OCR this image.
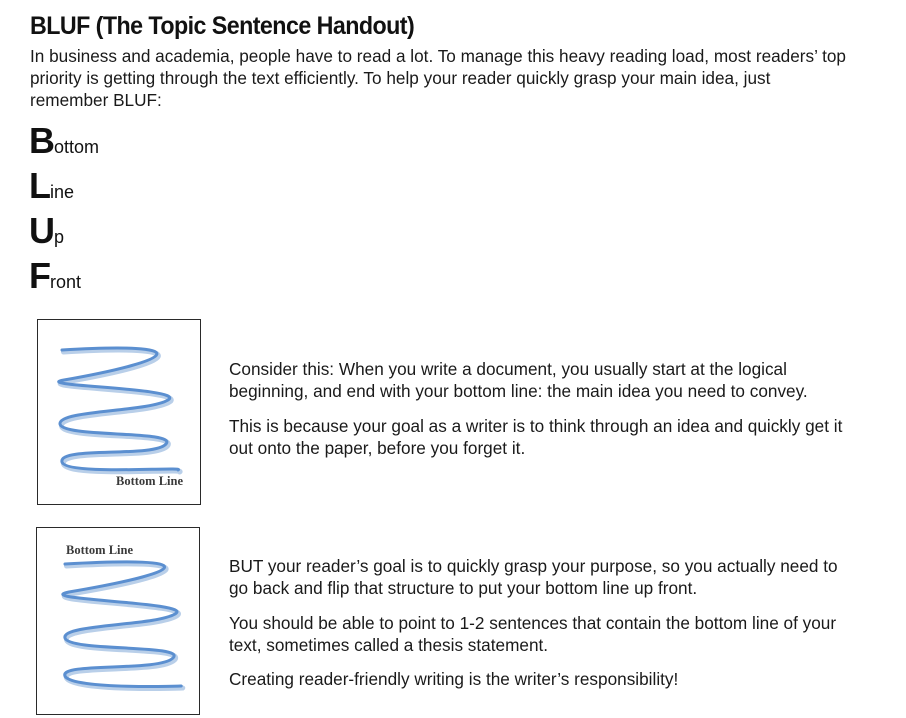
BLUF (The Topic Sentence Handout)

In business and academia, people have to read a lot. To manage this heavy reading load, most readers’ top priority is getting through the text efficiently. To help your reader quickly grasp your main idea, just remember BLUF:

Bottom
Line
Up
Front
Bottom Line
Bottom Line

Consider this: When you write a document, you usually start at the logical beginning, and end with your bottom line: the main idea you need to convey.

This is because your goal as a writer is to think through an idea and quickly get it out onto the paper, before you forget it.

BUT your reader’s goal is to quickly grasp your purpose, so you actually need to go back and flip that structure to put your bottom line up front.

You should be able to point to 1-2 sentences that contain the bottom line of your text, sometimes called a thesis statement.

Creating reader-friendly writing is the writer’s responsibility!
